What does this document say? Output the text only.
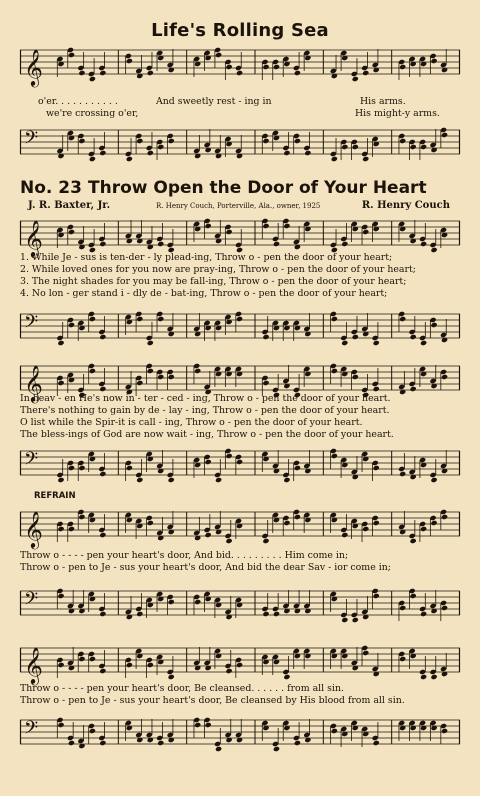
Life's Rolling Sea
𝄞
o'er. . . . . . . . . . .	And sweetly rest - ing in	His arms.
we're crossing o'er,	His might-y arms.
𝄢
No. 23 Throw Open the Door of Your Heart
J. R. Baxter, Jr.	R. Henry Couch, Porterville, Ala., owner, 1925	R. Henry Couch
𝄞
1. While Je - sus is ten-der - ly plead-ing, Throw o - pen the door of your heart;
2. While loved ones for you now are pray-ing, Throw o - pen the door of your heart;
3. The night shades for you may be fall-ing, Throw o - pen the door of your heart;
4. No lon - ger stand i - dly de - bat-ing, Throw o - pen the door of your heart;
𝄢
𝄞
In heav - en He's now in - ter - ced - ing, Throw o - pen the door of your heart.
There's nothing to gain by de - lay - ing, Throw o - pen the door of your heart.
O list while the Spir-it is call - ing, Throw o - pen the door of your heart.
The bless-ings of God are now wait - ing, Throw o - pen the door of your heart.
𝄢
REFRAIN
𝄞
Throw o - - - - pen your heart's door, And bid. . . . . . . . . Him come in;
Throw o - pen to Je - sus your heart's door, And bid the dear Sav - ior come in;
𝄢
𝄞
Throw o - - - - pen your heart's door, Be cleansed. . . . . . from all sin.
Throw o - pen to Je - sus your heart's door, Be cleansed by His blood from all sin.
𝄢
